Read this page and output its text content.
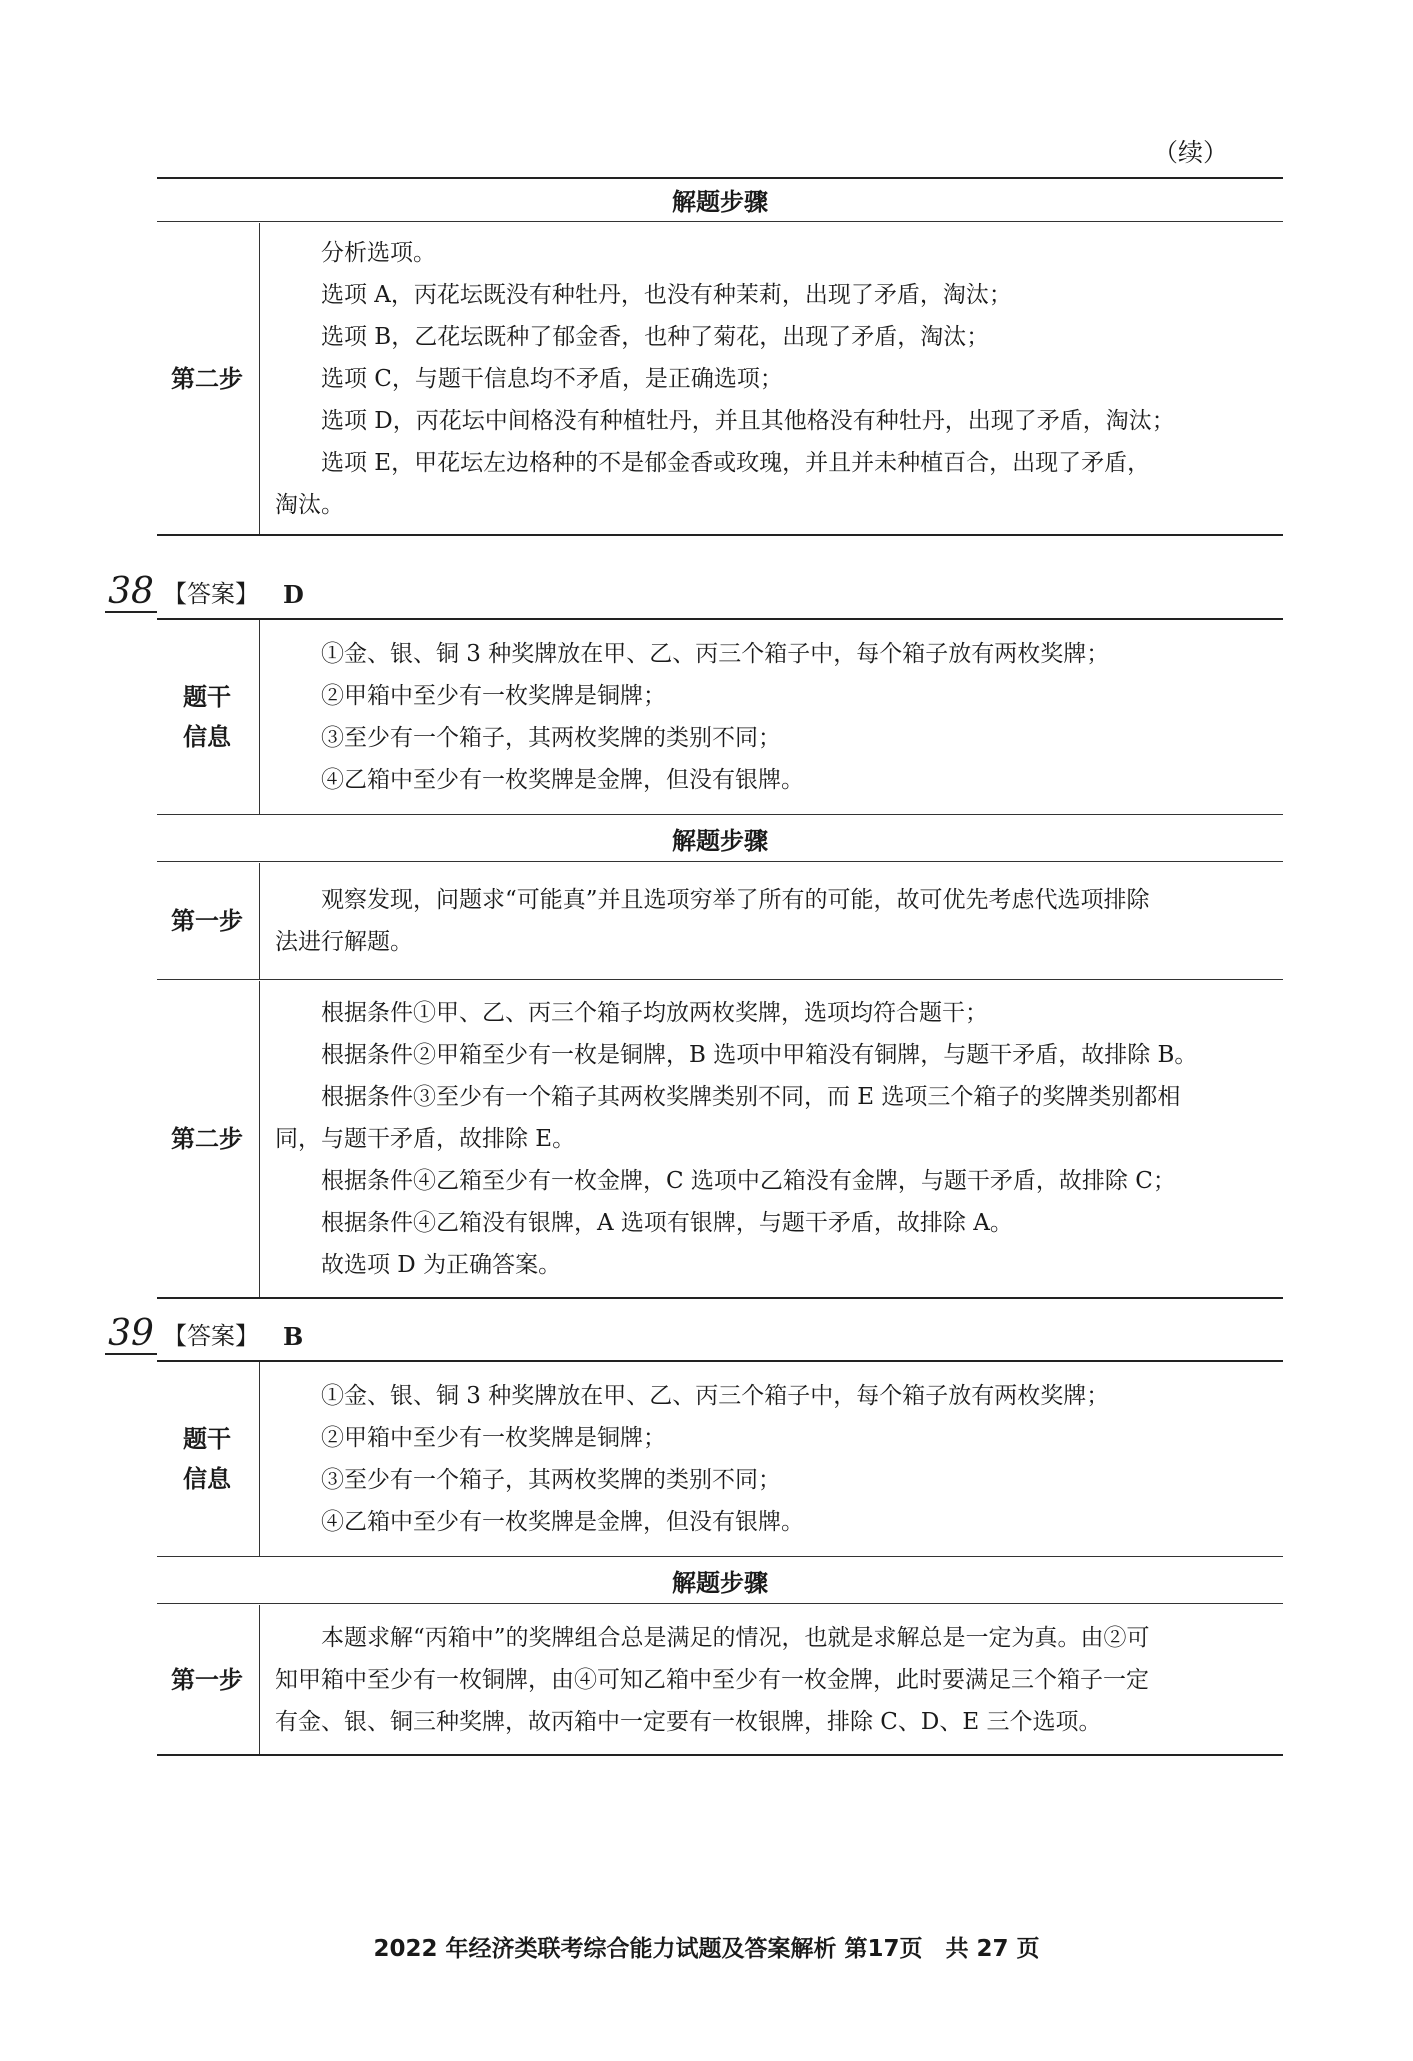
（续）
解题步骤
第二步

分析选项。

选项 A，丙花坛既没有种牡丹，也没有种茉莉，出现了矛盾，淘汰；

选项 B，乙花坛既种了郁金香，也种了菊花，出现了矛盾，淘汰；

选项 C，与题干信息均不矛盾，是正确选项；

选项 D，丙花坛中间格没有种植牡丹，并且其他格没有种牡丹，出现了矛盾，淘汰；

选项 E，甲花坛左边格种的不是郁金香或玫瑰，并且并未种植百合，出现了矛盾，

淘汰。

38 【答案】 D
题干
信息

①金、银、铜 3 种奖牌放在甲、乙、丙三个箱子中，每个箱子放有两枚奖牌；

②甲箱中至少有一枚奖牌是铜牌；

③至少有一个箱子，其两枚奖牌的类别不同；

④乙箱中至少有一枚奖牌是金牌，但没有银牌。

解题步骤
第一步

观察发现，问题求“可能真”并且选项穷举了所有的可能，故可优先考虑代选项排除

法进行解题。

第二步

根据条件①甲、乙、丙三个箱子均放两枚奖牌，选项均符合题干；

根据条件②甲箱至少有一枚是铜牌，B 选项中甲箱没有铜牌，与题干矛盾，故排除 B。

根据条件③至少有一个箱子其两枚奖牌类别不同，而 E 选项三个箱子的奖牌类别都相

同，与题干矛盾，故排除 E。

根据条件④乙箱至少有一枚金牌，C 选项中乙箱没有金牌，与题干矛盾，故排除 C；

根据条件④乙箱没有银牌，A 选项有银牌，与题干矛盾，故排除 A。

故选项 D 为正确答案。

39 【答案】 B
题干
信息

①金、银、铜 3 种奖牌放在甲、乙、丙三个箱子中，每个箱子放有两枚奖牌；

②甲箱中至少有一枚奖牌是铜牌；

③至少有一个箱子，其两枚奖牌的类别不同；

④乙箱中至少有一枚奖牌是金牌，但没有银牌。

解题步骤
第一步

本题求解“丙箱中”的奖牌组合总是满足的情况，也就是求解总是一定为真。由②可

知甲箱中至少有一枚铜牌，由④可知乙箱中至少有一枚金牌，此时要满足三个箱子一定

有金、银、铜三种奖牌，故丙箱中一定要有一枚银牌，排除 C、D、E 三个选项。

2022 年经济类联考综合能力试题及答案解析 第17页　共 27 页
